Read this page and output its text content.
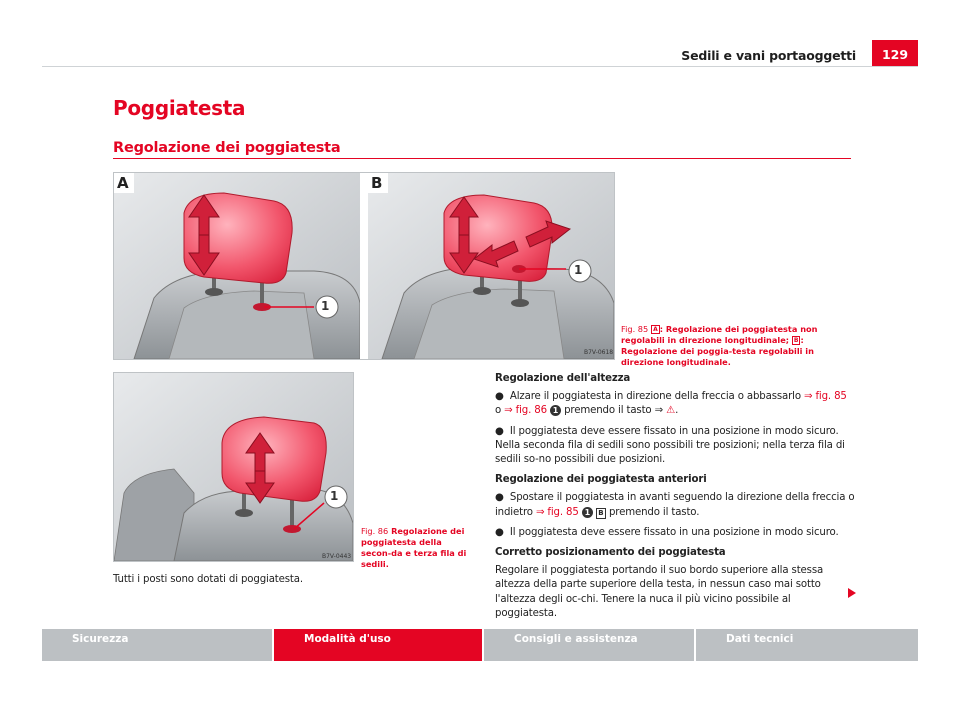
Sedili e vani portaoggetti	129
Poggiatesta
Regolazione dei poggiatesta
A	B
1
1
B7V-0618
Fig. 85 A : Regolazione dei poggiatesta non regolabili in direzione longitudinale; B : Regolazione dei poggia-testa regolabili in direzione longitudinale.
1
B7V-0443
Fig. 86 Regolazione dei poggiatesta della secon-da e terza fila di sedili.
Tutti i posti sono dotati di poggiatesta.

Regolazione dell'altezza

●  Alzare il poggiatesta in direzione della freccia o abbassarlo ⇒ fig. 85 o ⇒ fig. 86 1 premendo il tasto ⇒ ⚠.

●  Il poggiatesta deve essere fissato in una posizione in modo sicuro. Nella seconda fila di sedili sono possibili tre posizioni; nella terza fila di sedili so-no possibili due posizioni.

Regolazione dei poggiatesta anteriori

●  Spostare il poggiatesta in avanti seguendo la direzione della freccia o indietro ⇒ fig. 85 1 B premendo il tasto.

●  Il poggiatesta deve essere fissato in una posizione in modo sicuro.

Corretto posizionamento dei poggiatesta

Regolare il poggiatesta portando il suo bordo superiore alla stessa altezza della parte superiore della testa, in nessun caso mai sotto l'altezza degli oc-chi. Tenere la nuca il più vicino possibile al poggiatesta.

Sicurezza	Modalità d'uso	Consigli e assistenza	Dati tecnici
